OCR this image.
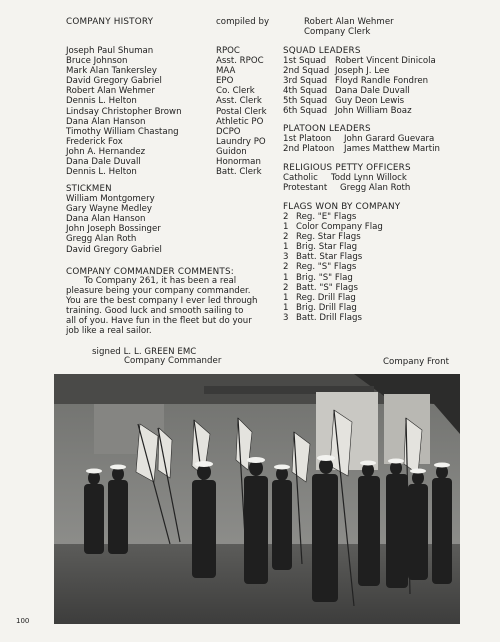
COMPANY HISTORY	compiled by	Robert Alan Wehmer
Company Clerk
Joseph Paul Shuman
Bruce Johnson
Mark Alan Tankersley
David Gregory Gabriel
Robert Alan Wehmer
Dennis L. Helton
Lindsay Christopher Brown
Dana Alan Hanson
Timothy William Chastang
Frederick Fox
John A. Hernandez
Dana Dale Duvall
Dennis L. Helton
RPOC
Asst. RPOC
MAA
EPO
Co. Clerk
Asst. Clerk
Postal Clerk
Athletic PO
DCPO
Laundry PO
Guidon
Honorman
Batt. Clerk
STICKMEN
William Montgomery
Gary Wayne Medley
Dana Alan Hanson
John Joseph Bossinger
Gregg Alan Roth
David Gregory Gabriel
COMPANY COMMANDER COMMENTS:
To Company 261, it has been a real
pleasure being your company commander.
You are the best company I ever led through
training. Good luck and smooth sailing to
all of you. Have fun in the fleet but do your
job like a real sailor.
signed L. L. GREEN EMC
Company Commander
SQUAD LEADERS
1st Squad
2nd Squad
3rd Squad
4th Squad
5th Squad
6th Squad
Robert Vincent Dinicola
Joseph J. Lee
Floyd Randle Fondren
Dana Dale Duvall
Guy Deon Lewis
John William Boaz
PLATOON LEADERS
1st Platoon
2nd Platoon
John Garard Guevara
James Matthew Martin
RELIGIOUS PETTY OFFICERS
Catholic
Protestant
Todd Lynn Willock
Gregg Alan Roth
FLAGS WON BY COMPANY
2 Reg. "E" Flags
1 Color Company Flag
2 Reg. Star Flags
1 Brig. Star Flag
3 Batt. Star Flags
2 Reg. "S" Flags
1 Brig. "S" Flag
2 Batt. "S" Flags
1 Reg. Drill Flag
1 Brig. Drill Flag
3 Batt. Drill Flags
Company Front
100
